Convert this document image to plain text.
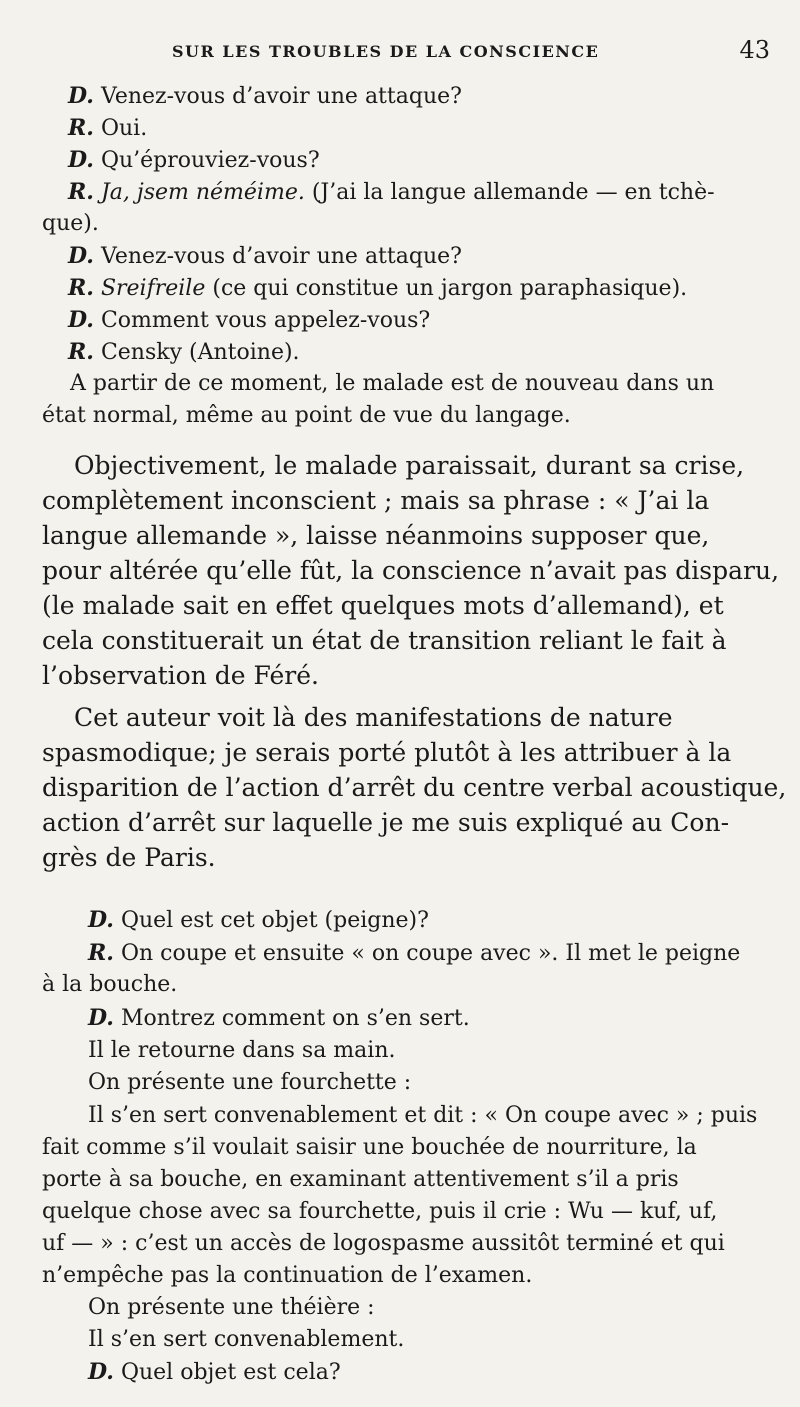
SUR LES TROUBLES DE LA CONSCIENCE	43
D. Venez-vous d’avoir une attaque?
R. Oui.
D. Qu’éprouviez-vous?
R. Ja, jsem néméime. (J’ai la langue allemande — en tchè-
que).
D. Venez-vous d’avoir une attaque?
R. Sreifreile (ce qui constitue un jargon paraphasique).
D. Comment vous appelez-vous?
R. Censky (Antoine).
A partir de ce moment, le malade est de nouveau dans un
état normal, même au point de vue du langage.
Objectivement, le malade paraissait, durant sa crise,
complètement inconscient ; mais sa phrase : « J’ai la
langue allemande », laisse néanmoins supposer que,
pour altérée qu’elle fût, la conscience n’avait pas disparu,
(le malade sait en effet quelques mots d’allemand), et
cela constituerait un état de transition reliant le fait à
l’observation de Féré.
Cet auteur voit là des manifestations de nature
spasmodique; je serais porté plutôt à les attribuer à la
disparition de l’action d’arrêt du centre verbal acoustique,
action d’arrêt sur laquelle je me suis expliqué au Con-
grès de Paris.
D. Quel est cet objet (peigne)?
R. On coupe et ensuite « on coupe avec ». Il met le peigne
à la bouche.
D. Montrez comment on s’en sert.
Il le retourne dans sa main.
On présente une fourchette :
Il s’en sert convenablement et dit : « On coupe avec » ; puis
fait comme s’il voulait saisir une bouchée de nourriture, la
porte à sa bouche, en examinant attentivement s’il a pris
quelque chose avec sa fourchette, puis il crie : Wu — kuf, uf,
uf — » : c’est un accès de logospasme aussitôt terminé et qui
n’empêche pas la continuation de l’examen.
On présente une théière :
Il s’en sert convenablement.
D. Quel objet est cela?
